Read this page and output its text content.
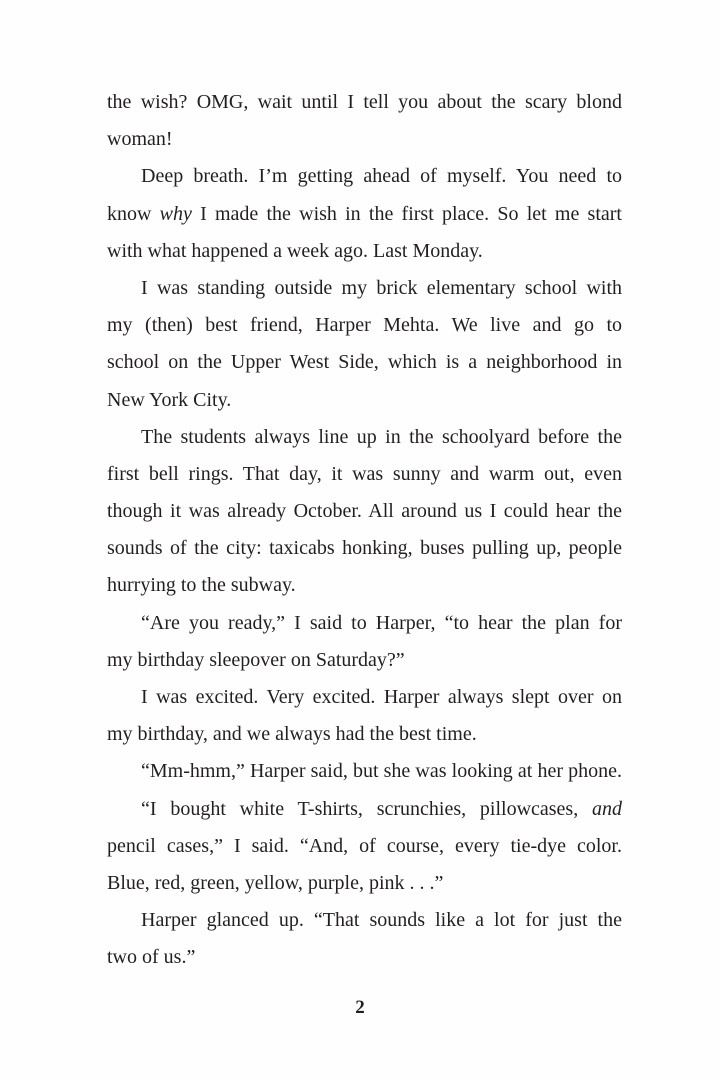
the wish? OMG, wait until I tell you about the scary blond
woman!
Deep breath. I’m getting ahead of myself. You need to
know why I made the wish in the first place. So let me start
with what happened a week ago. Last Monday.
I was standing outside my brick elementary school with
my (then) best friend, Harper Mehta. We live and go to
school on the Upper West Side, which is a neighborhood in
New York City.
The students always line up in the schoolyard before the
first bell rings. That day, it was sunny and warm out, even
though it was already October. All around us I could hear the
sounds of the city: taxicabs honking, buses pulling up, people
hurrying to the subway.
“Are you ready,” I said to Harper, “to hear the plan for
my birthday sleepover on Saturday?”
I was excited. Very excited. Harper always slept over on
my birthday, and we always had the best time.
“Mm-hmm,” Harper said, but she was looking at her phone.
“I bought white T-shirts, scrunchies, pillowcases, and
pencil cases,” I said. “And, of course, every tie-dye color.
Blue, red, green, yellow, purple, pink . . .”
Harper glanced up. “That sounds like a lot for just the
two of us.”
2
